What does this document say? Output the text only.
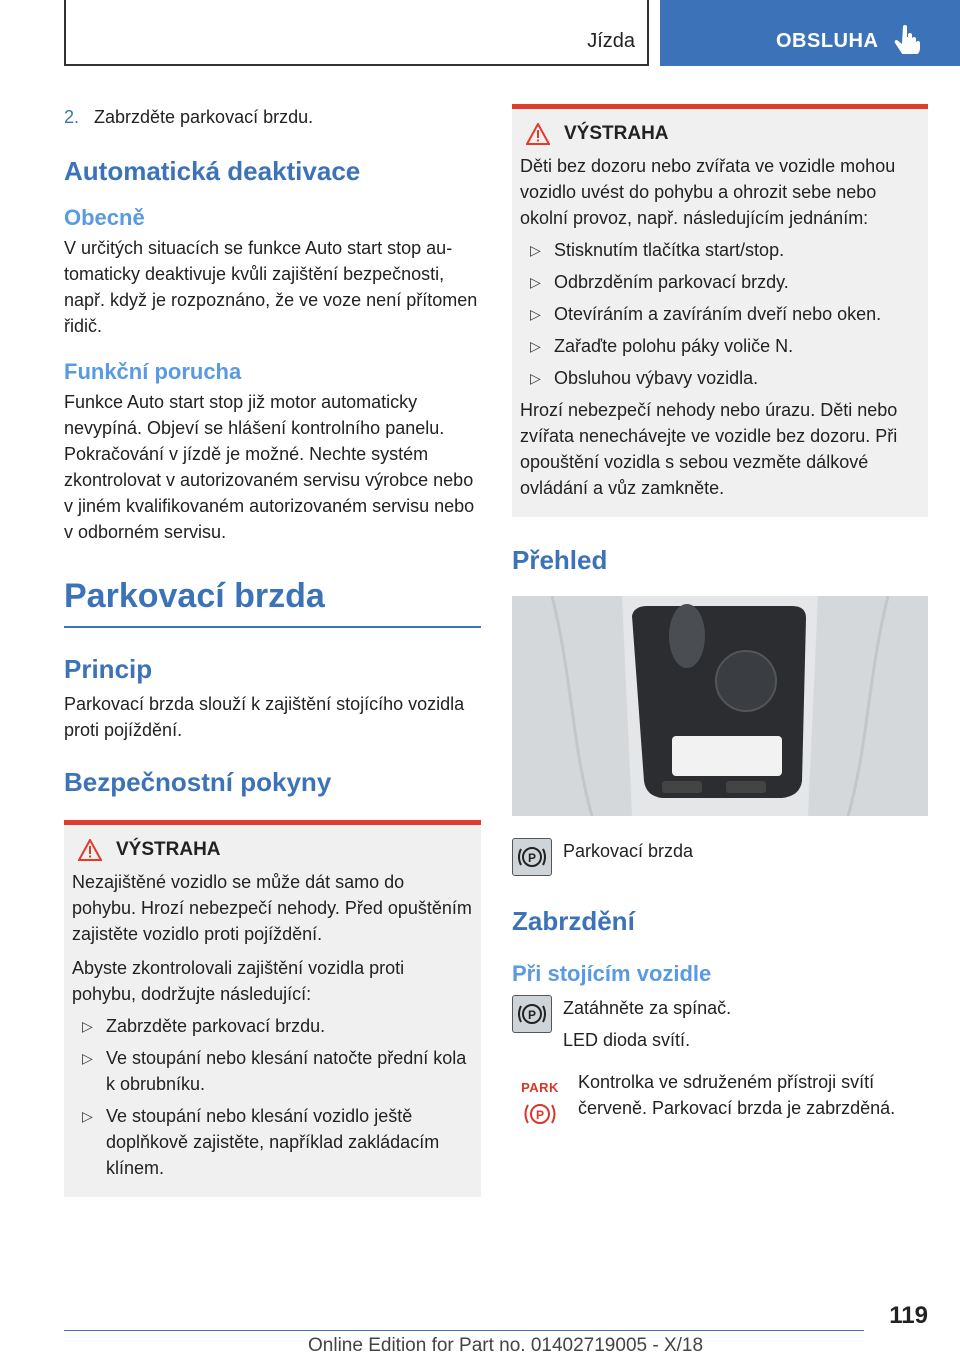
Jízda	OBSLUHA
2. Zabrzděte parkovací brzdu.
Automatická deaktivace
Obecně

V určitých situacích se funkce Auto start stop au‐ tomaticky deaktivuje kvůli zajištění bezpečnosti, např. když je rozpoznáno, že ve voze není přítomen řidič.

Funkční porucha

Funkce Auto start stop již motor automaticky nevypíná. Objeví se hlášení kontrolního panelu. Pokračování v jízdě je možné. Nechte systém zkontrolovat v autorizovaném servisu výrobce nebo v jiném kvalifikovaném autorizovaném servisu nebo v odborném servisu.

Parkovací brzda
Princip

Parkovací brzda slouží k zajištění stojícího vozidla proti pojíždění.

Bezpečnostní pokyny
VÝSTRAHA

Nezajištěné vozidlo se může dát samo do pohybu. Hrozí nebezpečí nehody. Před opuštěním zajistěte vozidlo proti pojíždění.

Abyste zkontrolovali zajištění vozidla proti pohybu, dodržujte následující:

▷ Zabrzděte parkovací brzdu.
▷ Ve stoupání nebo klesání natočte přední kola k obrubníku.
▷ Ve stoupání nebo klesání vozidlo ještě doplňkově zajistěte, například zakládacím klínem.
VÝSTRAHA

Děti bez dozoru nebo zvířata ve vozidle mohou vozidlo uvést do pohybu a ohrozit sebe nebo okolní provoz, např. následujícím jednáním:

▷ Stisknutím tlačítka start/stop.
▷ Odbrzděním parkovací brzdy.
▷ Otevíráním a zavíráním dveří nebo oken.
▷ Zařaďte polohu páky voliče N.
▷ Obsluhou výbavy vozidla.

Hrozí nebezpečí nehody nebo úrazu. Děti nebo zvířata nenechávejte ve vozidle bez dozoru. Při opouštění vozidla s sebou vezměte dálkové ovládání a vůz zamkněte.

Přehled
P Parkovací brzda
Zabrzdění
Při stojícím vozidle
P Zatáhněte za spínač.

LED dioda svítí.

PARK
P

Kontrolka ve sdruženém přístroji svítí červeně. Parkovací brzda je zabrzděná.

119
Online Edition for Part no. 01402719005 - X/18
